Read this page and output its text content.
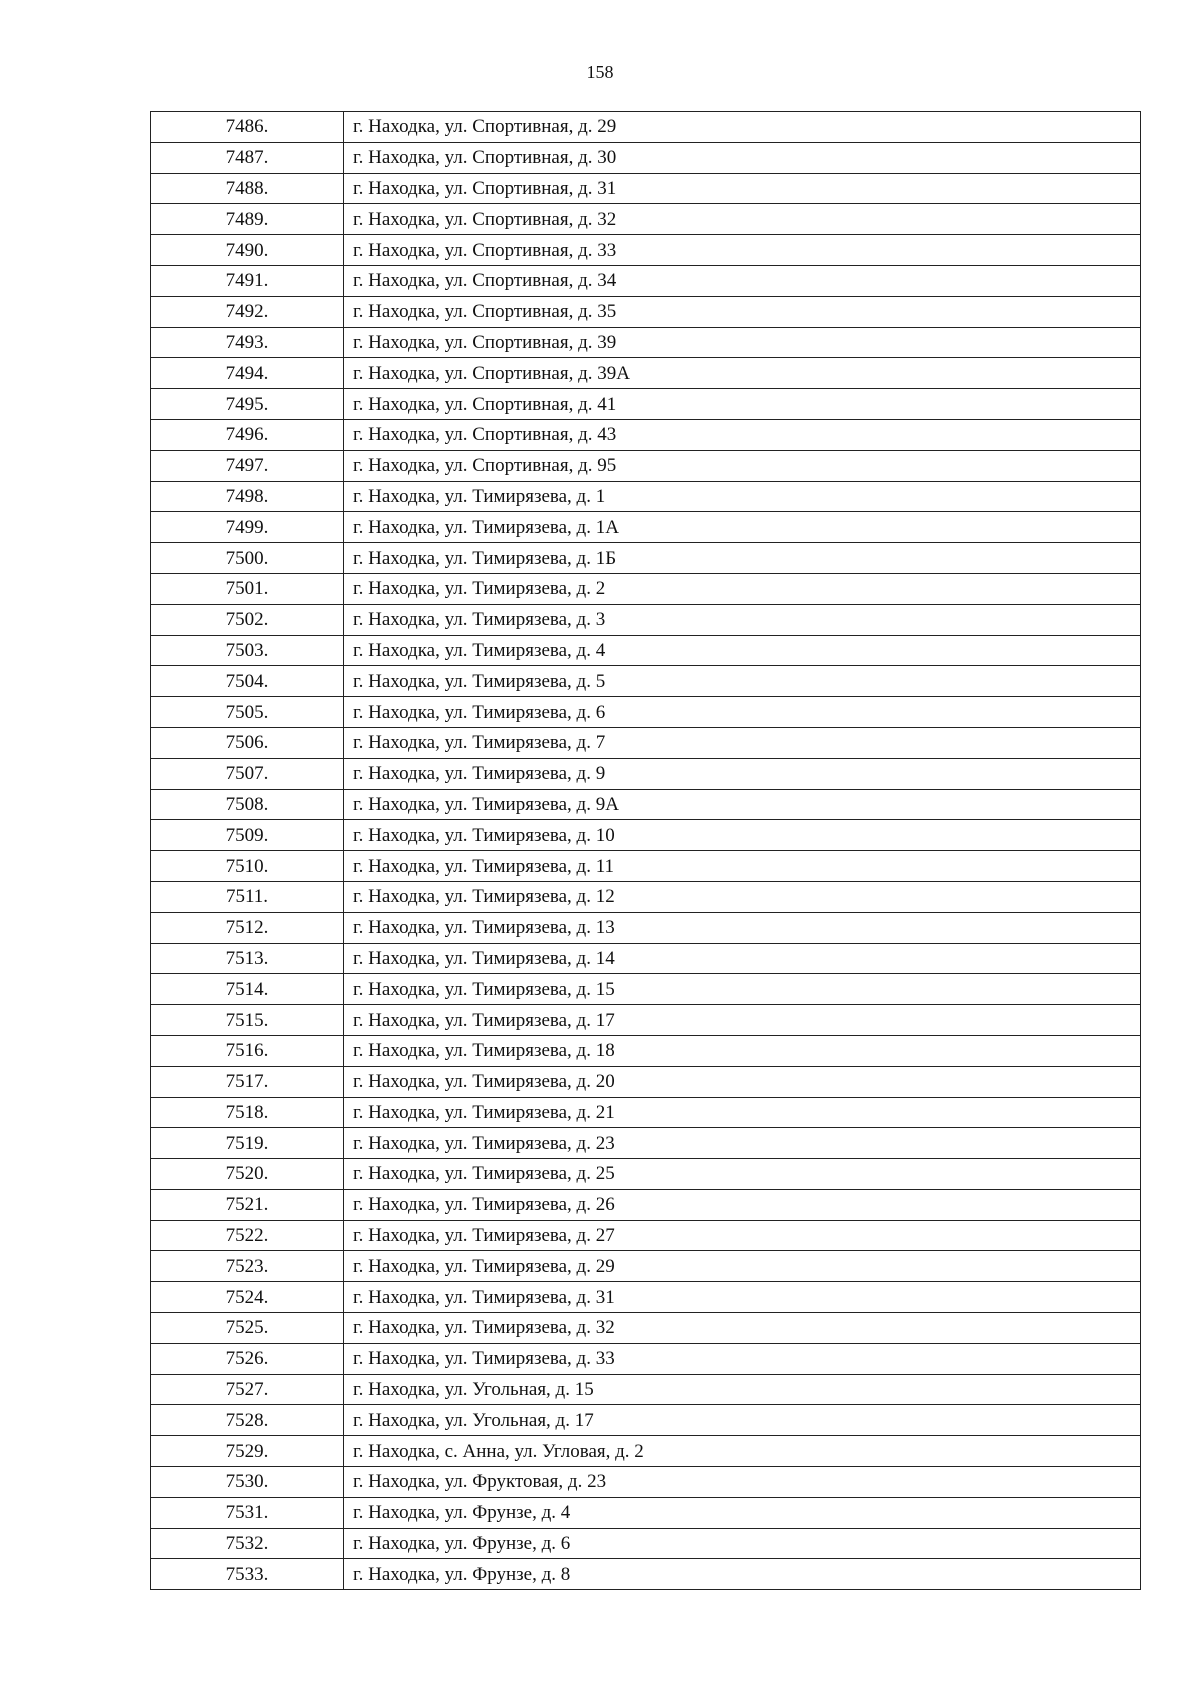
158
7486.	г. Находка, ул. Спортивная, д. 29
7487.	г. Находка, ул. Спортивная, д. 30
7488.	г. Находка, ул. Спортивная, д. 31
7489.	г. Находка, ул. Спортивная, д. 32
7490.	г. Находка, ул. Спортивная, д. 33
7491.	г. Находка, ул. Спортивная, д. 34
7492.	г. Находка, ул. Спортивная, д. 35
7493.	г. Находка, ул. Спортивная, д. 39
7494.	г. Находка, ул. Спортивная, д. 39А
7495.	г. Находка, ул. Спортивная, д. 41
7496.	г. Находка, ул. Спортивная, д. 43
7497.	г. Находка, ул. Спортивная, д. 95
7498.	г. Находка, ул. Тимирязева, д. 1
7499.	г. Находка, ул. Тимирязева, д. 1А
7500.	г. Находка, ул. Тимирязева, д. 1Б
7501.	г. Находка, ул. Тимирязева, д. 2
7502.	г. Находка, ул. Тимирязева, д. 3
7503.	г. Находка, ул. Тимирязева, д. 4
7504.	г. Находка, ул. Тимирязева, д. 5
7505.	г. Находка, ул. Тимирязева, д. 6
7506.	г. Находка, ул. Тимирязева, д. 7
7507.	г. Находка, ул. Тимирязева, д. 9
7508.	г. Находка, ул. Тимирязева, д. 9А
7509.	г. Находка, ул. Тимирязева, д. 10
7510.	г. Находка, ул. Тимирязева, д. 11
7511.	г. Находка, ул. Тимирязева, д. 12
7512.	г. Находка, ул. Тимирязева, д. 13
7513.	г. Находка, ул. Тимирязева, д. 14
7514.	г. Находка, ул. Тимирязева, д. 15
7515.	г. Находка, ул. Тимирязева, д. 17
7516.	г. Находка, ул. Тимирязева, д. 18
7517.	г. Находка, ул. Тимирязева, д. 20
7518.	г. Находка, ул. Тимирязева, д. 21
7519.	г. Находка, ул. Тимирязева, д. 23
7520.	г. Находка, ул. Тимирязева, д. 25
7521.	г. Находка, ул. Тимирязева, д. 26
7522.	г. Находка, ул. Тимирязева, д. 27
7523.	г. Находка, ул. Тимирязева, д. 29
7524.	г. Находка, ул. Тимирязева, д. 31
7525.	г. Находка, ул. Тимирязева, д. 32
7526.	г. Находка, ул. Тимирязева, д. 33
7527.	г. Находка, ул. Угольная, д. 15
7528.	г. Находка, ул. Угольная, д. 17
7529.	г. Находка, с. Анна, ул. Угловая, д. 2
7530.	г. Находка, ул. Фруктовая, д. 23
7531.	г. Находка, ул. Фрунзе, д. 4
7532.	г. Находка, ул. Фрунзе, д. 6
7533.	г. Находка, ул. Фрунзе, д. 8
